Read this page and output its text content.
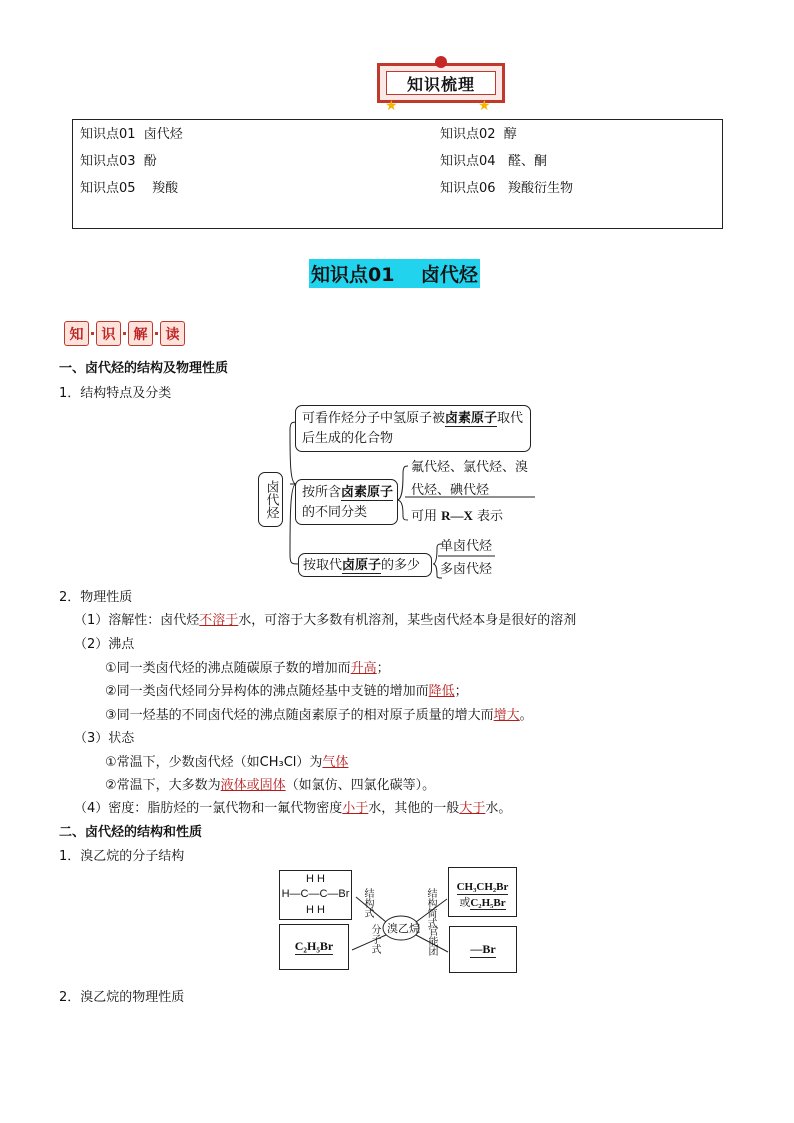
知识梳理
★	★
知识点01  卤代烃	知识点02  醇
知识点03  酚	知识点04   醛、酮
知识点05    羧酸	知识点06   羧酸衍生物
知识点01    卤代烃
知	识	解	读
一、卤代烃的结构及物理性质
1．结构特点及分类
卤代烃
可看作烃分子中氢原子被卤素原子取代
后生成的化合物
按所含卤素原子
的不同分类
氟代烃、氯代烃、溴
代烃、碘代烃
可用 R—X 表示
按取代卤原子的多少
单卤代烃
多卤代烃
2．物理性质
（1）溶解性：卤代烃不溶于水，可溶于大多数有机溶剂，某些卤代烃本身是很好的溶剂
（2）沸点
①同一类卤代烃的沸点随碳原子数的增加而升高；
②同一类卤代烃同分异构体的沸点随烃基中支链的增加而降低；
③同一烃基的不同卤代烃的沸点随卤素原子的相对原子质量的增大而增大。
（3）状态
①常温下，少数卤代烃（如CH₃Cl）为气体
②常温下，大多数为液体或固体（如氯仿、四氯化碳等）。
（4）密度：脂肪烃的一氯代物和一氟代物密度小于水，其他的一般大于水。
二、卤代烃的结构和性质
1．溴乙烷的分子结构
H H
H—C—C—Br
H H
C₂H₅Br
CH₃CH₂Br
或C₂H₅Br
—Br
溴乙烷
结构式
分子式
结构简式
官能团
2．溴乙烷的物理性质
